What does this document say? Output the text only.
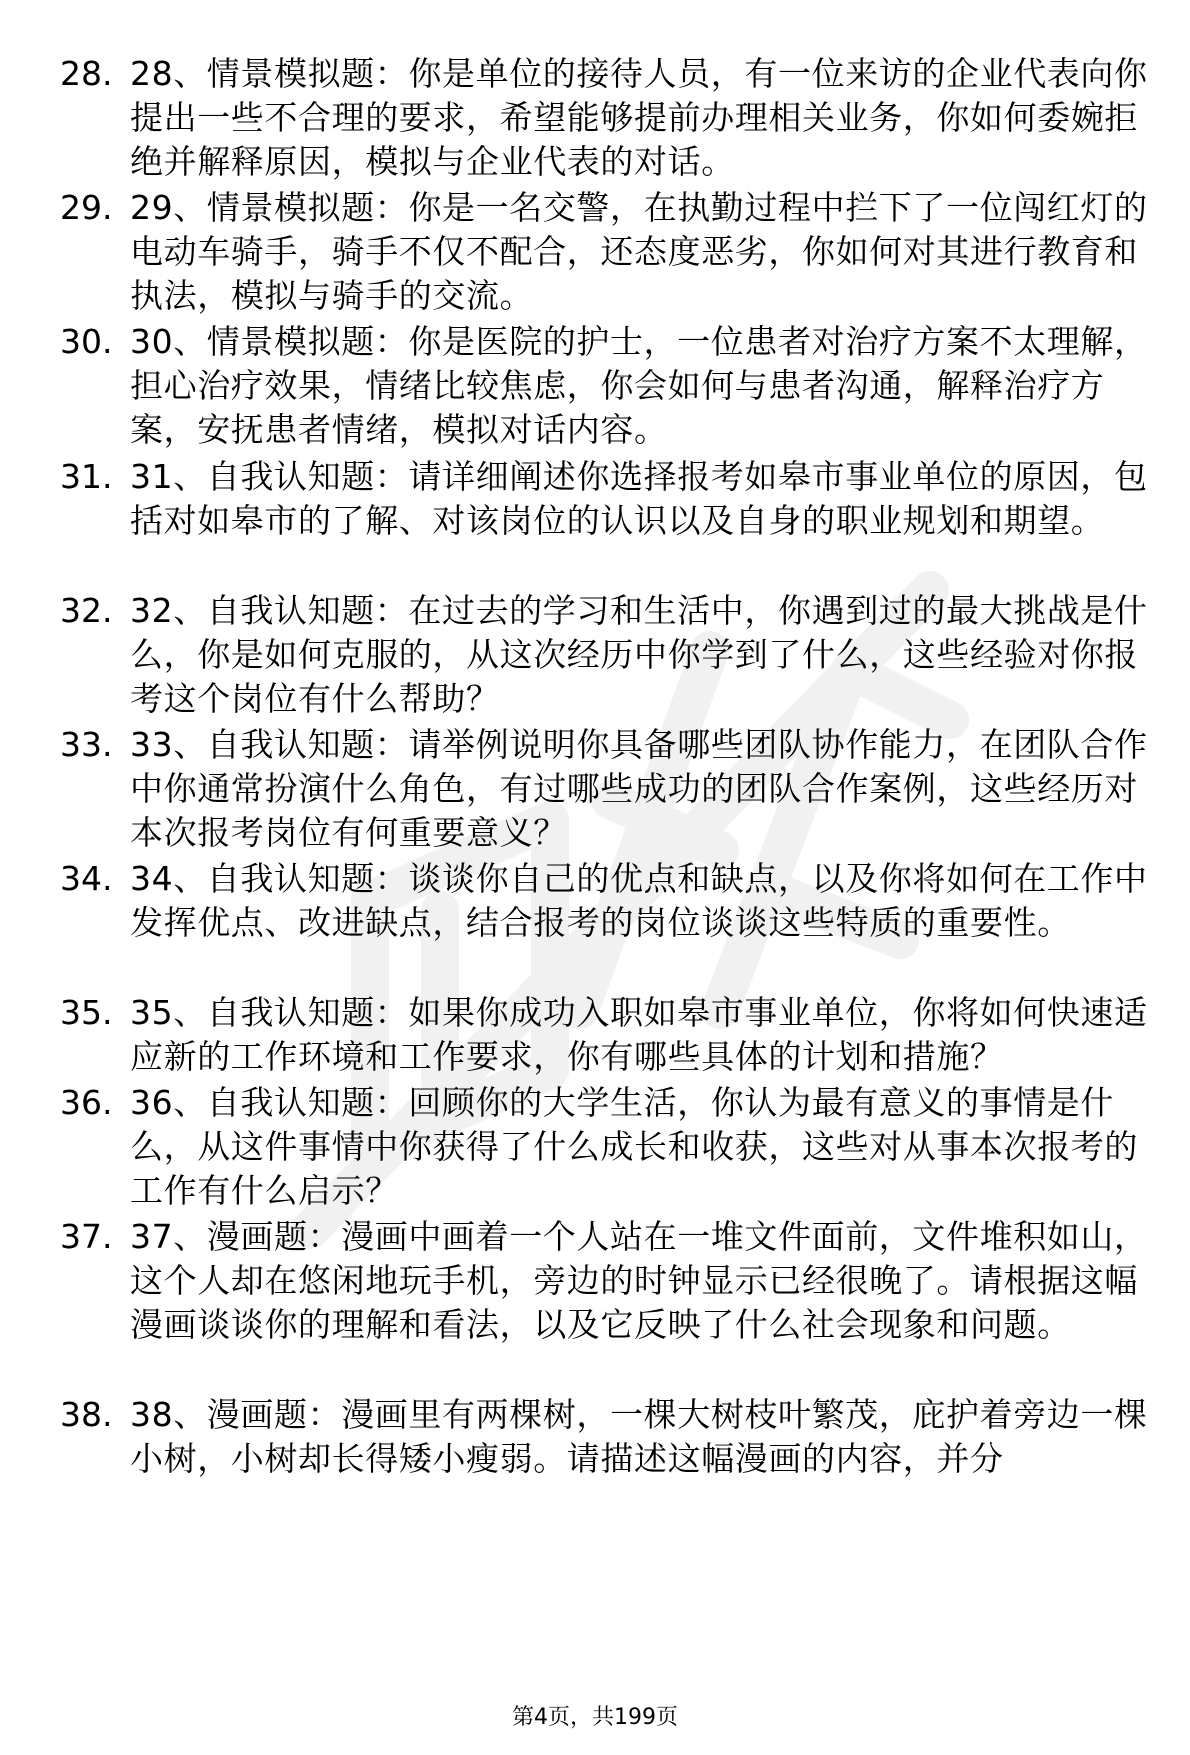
28. 28、情景模拟题：你是单位的接待人员，有一位来访的企业代表向你提出一些不合理的要求，希望能够提前办理相关业务，你如何委婉拒绝并解释原因，模拟与企业代表的对话。
29. 29、情景模拟题：你是一名交警，在执勤过程中拦下了一位闯红灯的电动车骑手，骑手不仅不配合，还态度恶劣，你如何对其进行教育和执法，模拟与骑手的交流。
30. 30、情景模拟题：你是医院的护士，一位患者对治疗方案不太理解，担心治疗效果，情绪比较焦虑，你会如何与患者沟通，解释治疗方案，安抚患者情绪，模拟对话内容。
31. 31、自我认知题：请详细阐述你选择报考如皋市事业单位的原因，包括对如皋市的了解、对该岗位的认识以及自身的职业规划和期望。
32. 32、自我认知题：在过去的学习和生活中，你遇到过的最大挑战是什么，你是如何克服的，从这次经历中你学到了什么，这些经验对你报考这个岗位有什么帮助？
33. 33、自我认知题：请举例说明你具备哪些团队协作能力，在团队合作中你通常扮演什么角色，有过哪些成功的团队合作案例，这些经历对本次报考岗位有何重要意义？
34. 34、自我认知题：谈谈你自己的优点和缺点，以及你将如何在工作中发挥优点、改进缺点，结合报考的岗位谈谈这些特质的重要性。
35. 35、自我认知题：如果你成功入职如皋市事业单位，你将如何快速适应新的工作环境和工作要求，你有哪些具体的计划和措施？
36. 36、自我认知题：回顾你的大学生活，你认为最有意义的事情是什么，从这件事情中你获得了什么成长和收获，这些对从事本次报考的工作有什么启示？
37. 37、漫画题：漫画中画着一个人站在一堆文件面前，文件堆积如山，这个人却在悠闲地玩手机，旁边的时钟显示已经很晚了。请根据这幅漫画谈谈你的理解和看法，以及它反映了什么社会现象和问题。
38. 38、漫画题：漫画里有两棵树，一棵大树枝叶繁茂，庇护着旁边一棵小树，小树却长得矮小瘦弱。请描述这幅漫画的内容，并分
第4页，共199页
